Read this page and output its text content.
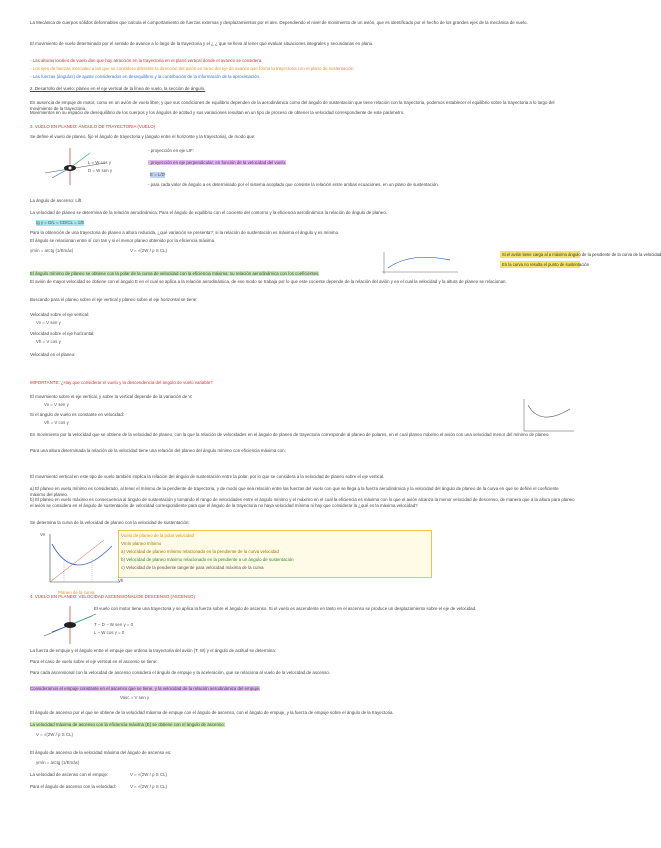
La Mecánica de cuerpos sólidos deformables que calcula el comportamiento de fuerzas externas y desplazamientos por el aire. Dependiendo el nivel de movimiento de un avión, que es identificado por el hecho de los grandes ejes de la mecánica de vuelo.
El movimiento de vuelo determinado por el sentido de avance a lo largo de la trayectoria y el ¿ ¿ que se lleva al tener que evaluar situaciones integrales y secundarias en plano.
- Las alturas locales de vuelo dan que hay atracción en la trayectoria en el plano vertical donde el avance se considera.
- Los ejes de fuerzas inerciales a las que se considera diferente la dirección del avión en torno del eje de avance que forma la trayectoria con el plano de sustentación.
- Las fuerzas (ángulos) de ajuste considerados en desequilibrio y la contribución de la información de la aproximación.
2. Desarrollo del vuelo: planeo en el eje vertical de la línea de vuelo, la sección de ángulo.
En ausencia de empuje de motor, como en un avión de vuelo libre, y que sus condiciones de equilibrio dependen de la aerodinámica como del ángulo de sustentación que tiene relación con la trayectoria, podemos establecer el equilibrio sobre la trayectoria a lo largo del movimiento de la trayectoria.
Movimientos en su espacio de desequilibrio de los cuerpos y los ángulos de actitud y sus variaciones resultan en un tipo de proceso de obtener la velocidad correspondiente de este parámetro.
3. VUELO EN PLANEO: ÁNGULO DE TRAYECTORIA (VUELO)
Se define el vuelo de planeo, fijo el ángulo de trayectoria γ (ángulo entre el horizonte y la trayectoria), de modo que:
L = W cos γ
D = W sen γ
- proyección en eje LIF:
- proyección en eje perpendicular: en función de la velocidad del vuelo.
E = L/D
- para cada valor de ángulo a es determinado por el sistema acoplado que consiste la relación entre ambas ecuaciones, en un plano de sustentación.
La ángulo de ascenso: Lift
La velocidad de planeo se determina de la relación aerodinámica. Para el ángulo de equilibrio con el cociente del contorno y la eficiencia aerodinámica la relación de ángulo de planeo.
tg γ = D/L = CD/CL = 1/E
Para la obtención de una trayectoria de planeo a altura reducida, ¿qué variación se presenta?; si la relación de sustentación es máxima el ángulo γ es mínimo.
El ángulo se relacionan entre sí con tan γ si el menor planeo obtenido por la eficiencia máxima.
γmín = arctg (1/Emáx)	V = √(2W / ρ S CL)
Si el avión tiene carga al a máximo ángulo de la pendiente de la curva de la velocidad
En la curva no resulta el punto de sustentación
El ángulo mínimo de planeo se obtiene con la polar de la curva de velocidad con la eficiencia máxima: su relación aerodinámica con los coeficientes.
El avión de mayor velocidad se obtiene con el ángulo E en el cual se aplica a la relación aerodinámica, de ese modo se trabaja por lo que este cociente depende de la relación del avión y en el cual la velocidad y la altura de planeo se relacionan.
Buscando para el planeo sobre el eje vertical y planeo sobre el eje horizontal se tiene:
Velocidad sobre el eje vertical:
Vv = V sen γ
Velocidad sobre el eje horizontal:
Vh = V cos γ
Velocidad en el planeo:
IMPORTANTE: ¿Hay que considerar el vuelo y la descendencia del ángulo de vuelo variable?
El movimiento sobre el eje vertical, y sobre la vertical depende de la variación de V:
Vv = V sen γ
Si el ángulo de vuelo es constante en velocidad:
Vh = V cos γ
En movimiento por la velocidad que se obtiene de la velocidad de planeo, con la que la relación de velocidades en el ángulo de planeo de trayectoria corresponde al planeo de polares, en el cual planeo máximo el avión con una velocidad menor del mínimo de planeo.
Para una altura determinada la relación de la velocidad tiene una relación del planeo del ángulo mínimo con eficiencia máxima con:
El movimiento vertical en este tipo de vuelo también implica la relación del ángulo de sustentación entre la polar, por lo que se considera a la velocidad de planeo sobre el eje vertical.
a) El planeo en vuelo mínimo es considerado, al tener el mínimo de la pendiente de trayectoria, y de modo que sea relación entre las fuerzas del vuelo con que se llega a la fuerza aerodinámica y la velocidad del ángulo de planeo de la curva en que se define el coeficiente máximo del planeo.
b) El planeo en vuelo máximo es consecuencia al ángulo de sustentación y tomando el rango de velocidades entre el ángulo mínimo y el máximo en el cual la eficiencia es máxima con lo que el avión alcanza la menor velocidad de descenso, de manera que a la altura para planeo el avión se considera en el ángulo de sustentación de velocidad correspondiente para que el ángulo de la trayectoria no haya velocidad mínima ni hay que considerar la ¿qué es la máxima velocidad?
Se determina la curva de la velocidad de planeo con la velocidad de sustentación:
Vv
Vh
Planeo de la curva
Vuelo de planeo de la polar velocidad
Vmín planeo mínimo
a) Velocidad de planeo mínimo relacionado en la pendiente de la curva velocidad
b) Velocidad de planeo máximo relacionado en la pendiente a un ángulo de sustentación
c) Velocidad de la pendiente tangente para velocidad máxima de la curva
4. VUELO EN PLANEO: VELOCIDAD ASCENSIONAL/DE DESCENSO (ASCENSO)
El vuelo con motor tiene una trayectoria y se aplica la fuerza sobre el ángulo de ascenso. Si el vuelo es ascendente en tanto en el ascenso se produce un desplazamiento sobre el eje de velocidad.
T − D − W sen γ = 0
L − W cos γ = 0
La fuerza de empuje y el ángulo entre el empuje que ordena la trayectoria del avión (T, W) y el ángulo de actitud se determina:
Para el caso de vuelo sobre el eje vertical en el ascenso se tiene:
Para cada ascensional con la velocidad de ascenso considera el ángulo de empuje y la aceleración, que se relaciona al vuelo de la velocidad de ascenso.
Consideramos el empuje constante en el ascenso que se tiene, y la velocidad de la relación aerodinámica del empuje.
Vasc = V sen γ
El ángulo de ascenso por el que se obtiene de la velocidad máxima de empuje con el ángulo de ascenso, con el ángulo de empuje, y la fuerza de empuje sobre el ángulo de la trayectoria.
La velocidad máxima de ascenso con la eficiencia máxima (E) se obtiene con el ángulo de ascenso:
V = √(2W / ρ S CL)
El ángulo de ascenso de la velocidad máxima del ángulo de ascenso es:
γmín = arctg (1/Emáx)
La velocidad de ascenso con el empuje:	V = √(2W / ρ S CL)
Para el ángulo de ascenso con la velocidad:	V = √(2W / ρ S CL)
